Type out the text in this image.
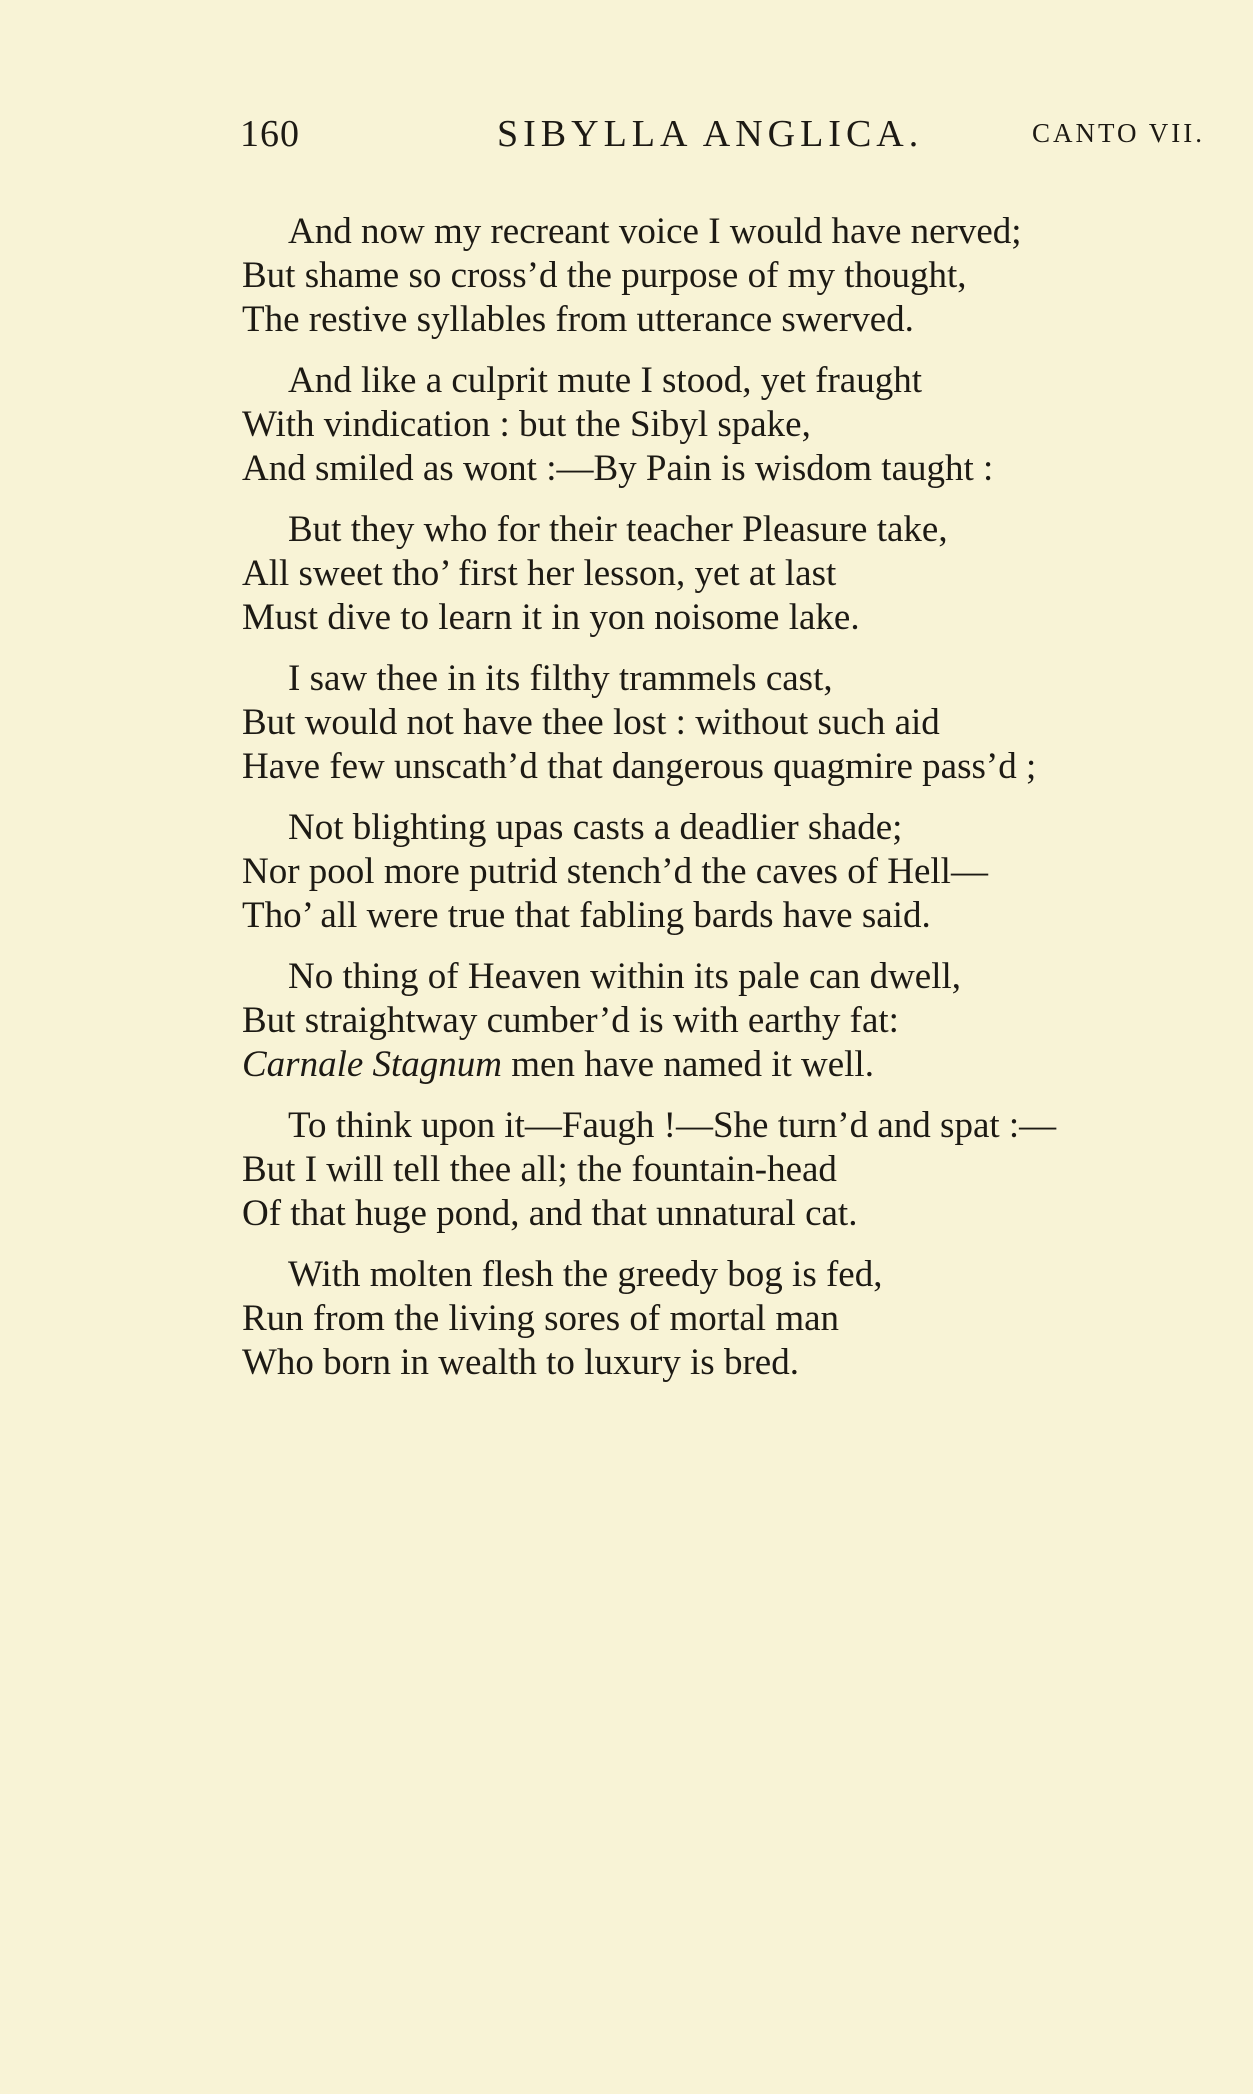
160	SIBYLLA ANGLICA.	CANTO VII.
And now my recreant voice I would have nerved;
But shame so cross’d the purpose of my thought,
The restive syllables from utterance swerved.
And like a culprit mute I stood, yet fraught
With vindication : but the Sibyl spake,
And smiled as wont :—By Pain is wisdom taught :
But they who for their teacher Pleasure take,
All sweet tho’ first her lesson, yet at last
Must dive to learn it in yon noisome lake.
I saw thee in its filthy trammels cast,
But would not have thee lost : without such aid
Have few unscath’d that dangerous quagmire pass’d ;
Not blighting upas casts a deadlier shade;
Nor pool more putrid stench’d the caves of Hell—
Tho’ all were true that fabling bards have said.
No thing of Heaven within its pale can dwell,
But straightway cumber’d is with earthy fat:
Carnale Stagnum men have named it well.
To think upon it—Faugh !—She turn’d and spat :—
But I will tell thee all; the fountain-head
Of that huge pond, and that unnatural cat.
With molten flesh the greedy bog is fed,
Run from the living sores of mortal man
Who born in wealth to luxury is bred.
